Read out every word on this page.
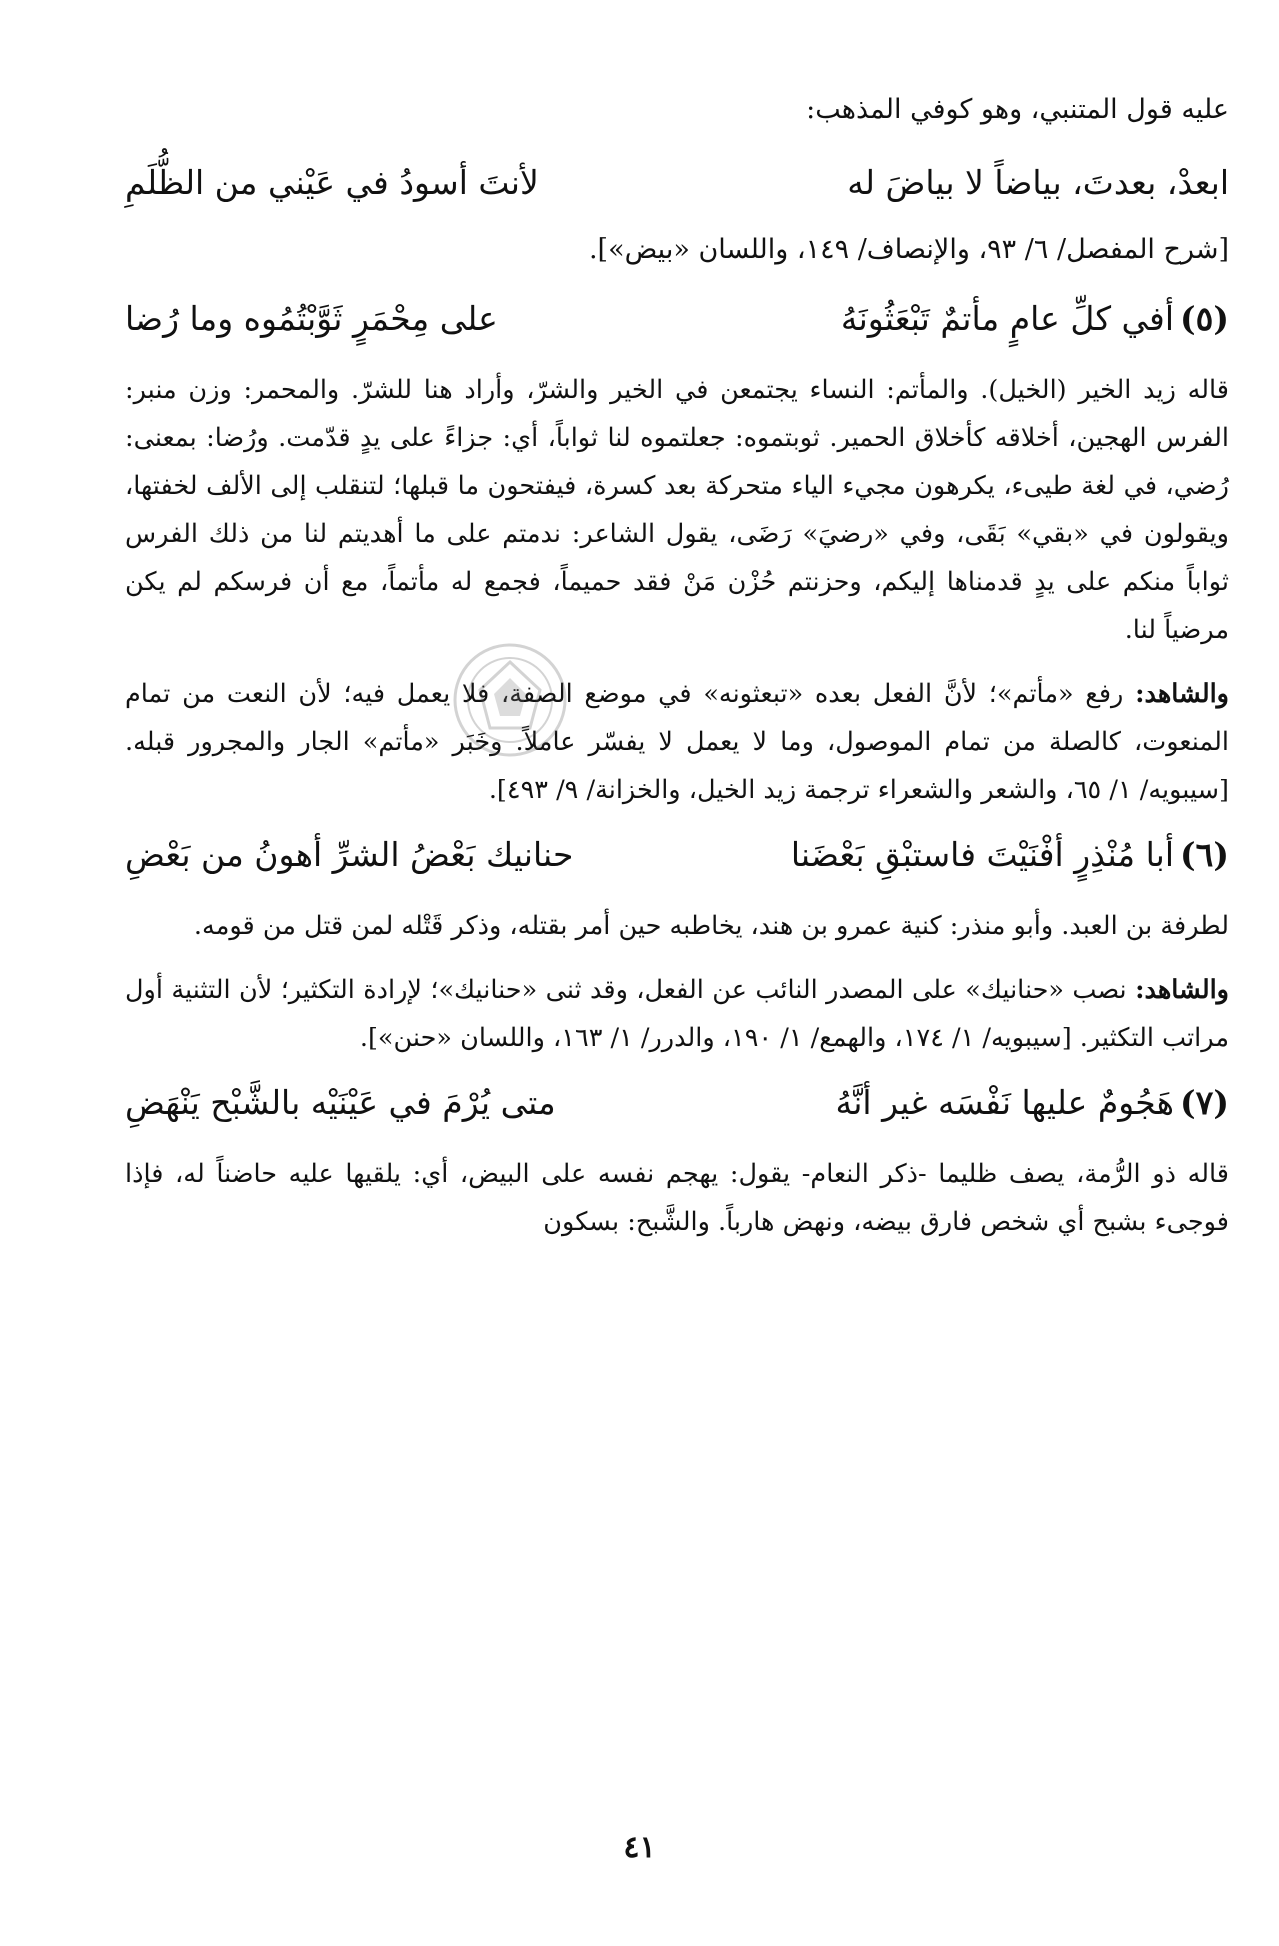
عليه قول المتنبي، وهو كوفي المذهب:

ابعدْ، بعدتَ، بياضاً لا بياضَ له
لأنتَ أسودُ في عَيْني من الظُّلَمِ

[شرح المفصل/ ٦/ ٩٣، والإنصاف/ ١٤٩، واللسان «بيض»].

(٥)
أفي كلِّ عامٍ مأتمٌ تَبْعَثُونَهُ
على مِحْمَرٍ ثَوَّبْتُمُوه وما رُضا

قاله زيد الخير (الخيل). والمأتم: النساء يجتمعن في الخير والشرّ، وأراد هنا للشرّ. والمحمر: وزن منبر: الفرس الهجين، أخلاقه كأخلاق الحمير. ثوبتموه: جعلتموه لنا ثواباً، أي: جزاءً على يدٍ قدّمت. ورُضا: بمعنى: رُضي، في لغة طيىء، يكرهون مجيء الياء متحركة بعد كسرة، فيفتحون ما قبلها؛ لتنقلب إلى الألف لخفتها، ويقولون في «بقي» بَقَى، وفي «رضيَ» رَضَى، يقول الشاعر: ندمتم على ما أهديتم لنا من ذلك الفرس ثواباً منكم على يدٍ قدمناها إليكم، وحزنتم حُزْن مَنْ فقد حميماً، فجمع له مأتماً، مع أن فرسكم لم يكن مرضياً لنا.

والشاهد: رفع «مأتم»؛ لأنَّ الفعل بعده «تبعثونه» في موضع الصفة، فلا يعمل فيه؛ لأن النعت من تمام المنعوت، كالصلة من تمام الموصول، وما لا يعمل لا يفسّر عاملاً. وخَبَر «مأتم» الجار والمجرور قبله. [سيبويه/ ١/ ٦٥، والشعر والشعراء ترجمة زيد الخيل، والخزانة/ ٩/ ٤٩٣].

(٦)
أبا مُنْذِرٍ أفْنَيْتَ فاستبْقِ بَعْضَنا
حنانيك بَعْضُ الشرِّ أهونُ من بَعْضِ

لطرفة بن العبد. وأبو منذر: كنية عمرو بن هند، يخاطبه حين أمر بقتله، وذكر قَتْله لمن قتل من قومه.

والشاهد: نصب «حنانيك» على المصدر النائب عن الفعل، وقد ثنى «حنانيك»؛ لإرادة التكثير؛ لأن التثنية أول مراتب التكثير. [سيبويه/ ١/ ١٧٤، والهمع/ ١/ ١٩٠، والدرر/ ١/ ١٦٣، واللسان «حنن»].

(٧)
هَجُومٌ عليها نَفْسَه غير أنَّهُ
متى يُرْمَ في عَيْنَيْه بالشَّبْح يَنْهَضِ

قاله ذو الرُّمة، يصف ظليما -ذكر النعام- يقول: يهجم نفسه على البيض، أي: يلقيها عليه حاضناً له، فإذا فوجىء بشبح أي شخص فارق بيضه، ونهض هارباً. والشَّبح: بسكون

٤١
